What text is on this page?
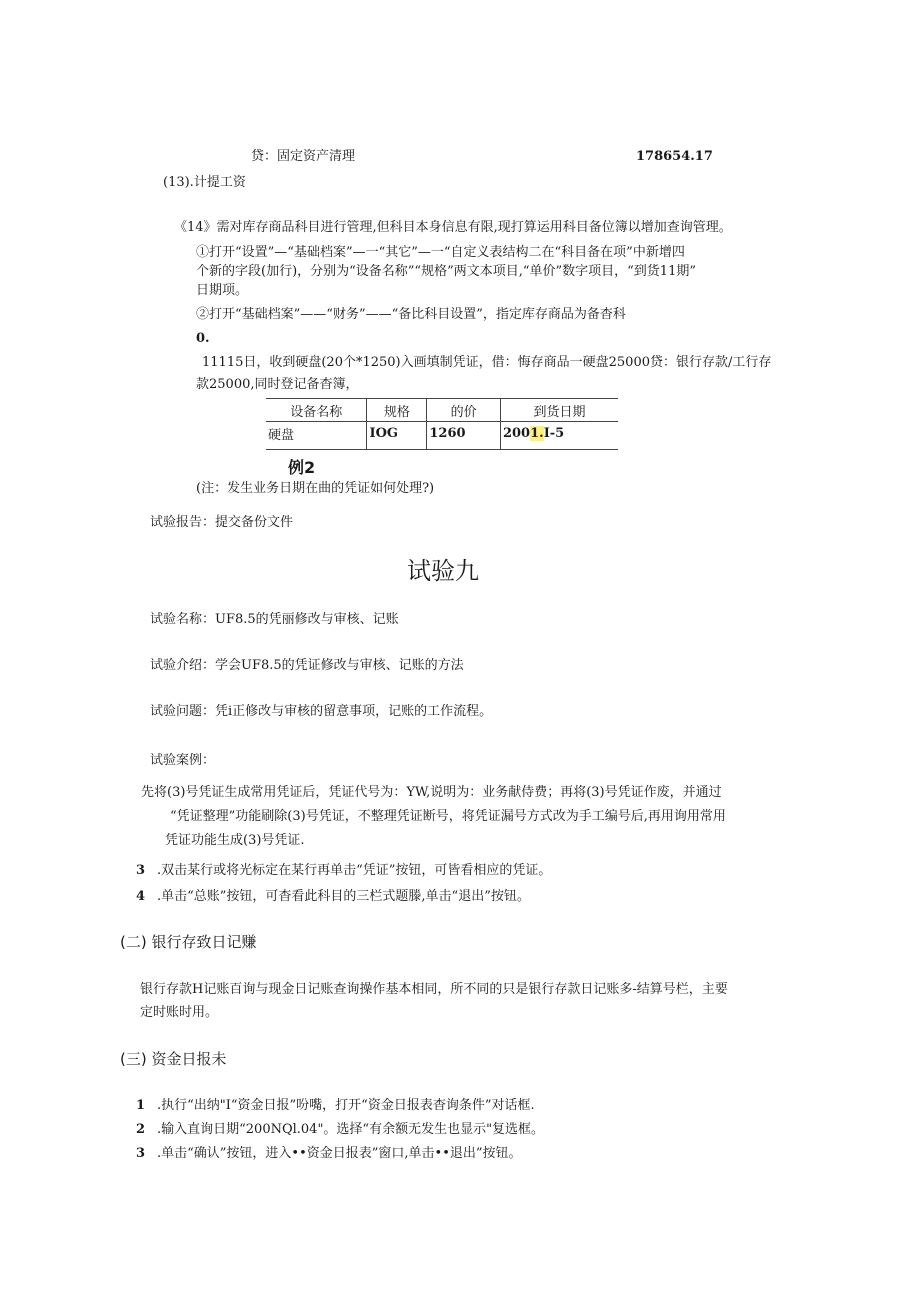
贷：固定资产清理	178654.17
(13).计提工资
《14》需对库存商品科目进行管理,但科目本身信息有限,现打算运用科目备位簿以增加查询管理。
①打开“设置”—“基础档案”—一“其它”—一“自定义表结构二在“科目备在项”中新增四
个新的字段(加行)，分别为“设备名称”“规格”两文本项目,“单价”数字项目，“到货11期”
日期项。
②打开“基础档案”——“财务”——“备比科目设置”，指定库存商品为备杳科
0.
11115日，收到硬盘(20个*1250)入画填制凭证，借：悔存商品一硬盘25000贷：银行存款/工行存
款25000,同时登记备杳簿，
设备名称	规格	的价	到货日期
硬盘	IOG	1260	2001.I-5
例2
(注：发生业务日期在曲的凭证如何处理?)
试验报告：提交备份文件
试验九
试验名称：UF8.5的凭丽修改与审核、记账
试验介绍：学会UF8.5的凭证修改与审核、记账的方法
试验问题：凭i正修改与审核的留意事项，记账的工作流程。
试验案例：
先将(3)号凭证生成常用凭证后，凭证代号为：YW,说明为：业务献侍费；再将(3)号凭证作废，并通过
“凭证整理”功能刷除(3)号凭证，不整理凭证断号，将凭证漏号方式改为手工编号后,再用询用常用
凭证功能生成(3)号凭证.
3 .双击某行或将光标定在某行再单击“凭证”按钮，可皆看相应的凭证。
4 .单击“总账”按钮，可杳看此科目的三栏式题滕,单击“退出”按钮。
(二) 银行存致日记赚
银行存款H记账百询与现金日记账查询操作基本相同，所不同的只是银行存款日记账多-结算号栏，主要
定时账时用。
(三) 资金日报未
1 .执行“出纳"I“资金日报”吩嘴，打开“资金日报表杳询条件”对话框.
2 .输入直询日期“200NQl.04"。选择“有余额无发生也显示"复选框。
3 .单击“确认”按钮，进入••资金日报表”窗口,单击••退出”按钮。
